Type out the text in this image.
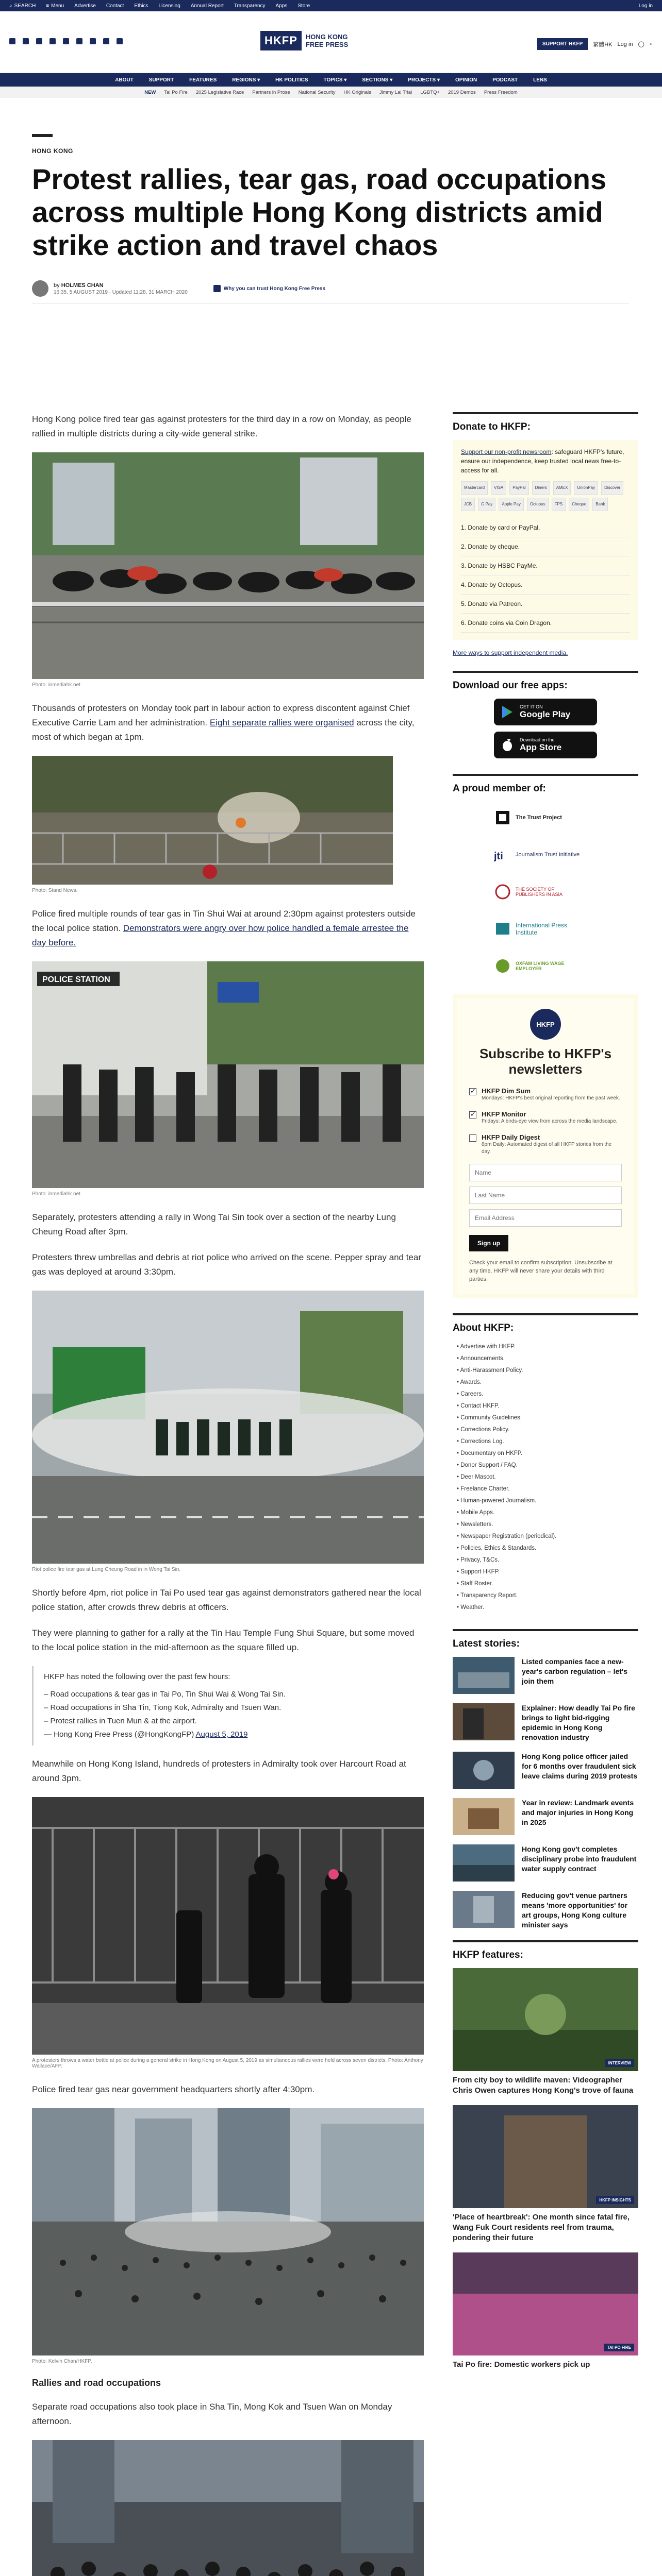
⌕ SEARCH ≡ Menu Advertise Contact Ethics Licensing Annual Report Transparency Apps Store	Log in
HKFP	HONG KONG FREE PRESS	SUPPORT HKFP	繁體HK Log in ◯ ⌕
ABOUT	SUPPORT	FEATURES	REGIONS ▾	HK POLITICS	TOPICS ▾	SECTIONS ▾	PROJECTS ▾	OPINION	PODCAST	LENS
NEW Tai Po Fire 2025 Legislative Race Partners in Prose National Security HK Originals Jimmy Lai Trial LGBTQ+ 2019 Demos Press Freedom
HONG KONG
Protest rallies, tear gas, road occupations across multiple Hong Kong districts amid strike action and travel chaos
by HOLMES CHAN
16:35, 5 AUGUST 2019 · Updated 11:28, 31 MARCH 2020
Why you can trust Hong Kong Free Press

Hong Kong police fired tear gas against protesters for the third day in a row on Monday, as people rallied in multiple districts during a city-wide general strike.

Photo: inmediahk.net.

Thousands of protesters on Monday took part in labour action to express discontent against Chief Executive Carrie Lam and her administration. Eight separate rallies were organised across the city, most of which began at 1pm.

Photo: Stand News.

Police fired multiple rounds of tear gas in Tin Shui Wai at around 2:30pm against protesters outside the local police station. Demonstrators were angry over how police handled a female arrestee the day before.

POLICE STATION
Photo: inmediahk.net.

Separately, protesters attending a rally in Wong Tai Sin took over a section of the nearby Lung Cheung Road after 3pm.

Protesters threw umbrellas and debris at riot police who arrived on the scene. Pepper spray and tear gas was deployed at around 3:30pm.

Riot police fire tear gas at Lung Cheung Road in in Wong Tai Sin.

Shortly before 4pm, riot police in Tai Po used tear gas against demonstrators gathered near the local police station, after crowds threw debris at officers.

They were planning to gather for a rally at the Tin Hau Temple Fung Shui Square, but some moved to the local police station in the mid-afternoon as the square filled up.

HKFP has noted the following over the past few hours:
– Road occupations & tear gas in Tai Po, Tin Shui Wai & Wong Tai Sin.
– Road occupations in Sha Tin, Tiong Kok, Admiralty and Tsuen Wan.
– Protest rallies in Tuen Mun & at the airport.
— Hong Kong Free Press (@HongKongFP) August 5, 2019

Meanwhile on Hong Kong Island, hundreds of protesters in Admiralty took over Harcourt Road at around 3pm.

A protesters throws a water bottle at police during a general strike in Hong Kong on August 5, 2019 as simultaneous rallies were held across seven districts. Photo: Anthony Wallace/AFP.

Police fired tear gas near government headquarters shortly after 4:30pm.

Photo: Kelvin Chan/HKFP.
Rallies and road occupations

Separate road occupations also took place in Sha Tin, Mong Kok and Tsuen Wan on Monday afternoon.

Donate to HKFP:

Support our non-profit newsroom: safeguard HKFP's future, ensure our independence, keep trusted local news free-to-access for all.

Mastercard	VISA	PayPal	Diners	AMEX	UnionPay	Discover
JCB	G Pay	Apple Pay	Octopus	FPS	Cheque	Bank
1. Donate by card or PayPal.
2. Donate by cheque.
3. Donate by HSBC PayMe.
4. Donate by Octopus.
5. Donate via Patreon.
6. Donate coins via Coin Dragon.
More ways to support independent media.
Download our free apps:
GET IT ON
Google Play
Download on the
App Store
A proud member of:
The Trust Project
jti Journalism Trust Initiative
THE SOCIETY OF PUBLISHERS IN ASIA
International Press Institute
OXFAM LIVING WAGE EMPLOYER
HKFP
Subscribe to HKFP's newsletters
✓
HKFP Dim Sum
Mondays: HKFP's best original reporting from the past week.
✓
HKFP Monitor
Fridays: A birds-eye view from across the media landscape.
HKFP Daily Digest
8pm Daily: Automated digest of all HKFP stories from the day.
Name Last Name Email Address Sign up
Check your email to confirm subscription. Unsubscribe at any time. HKFP will never share your details with third parties.
About HKFP:
• Advertise with HKFP.
• Announcements.
• Anti-Harassment Policy.
• Awards.
• Careers.
• Contact HKFP.
• Community Guidelines.
• Corrections Policy.
• Corrections Log.
• Documentary on HKFP.
• Donor Support / FAQ.
• Deer Mascot.
• Freelance Charter.
• Human-powered Journalism.
• Mobile Apps.
• Newsletters.
• Newspaper Registration (periodical).
• Policies, Ethics & Standards.
• Privacy, T&Cs.
• Support HKFP.
• Staff Roster.
• Transparency Report.
• Weather.
Latest stories:
Listed companies face a new-year's carbon regulation – let's join them
Explainer: How deadly Tai Po fire brings to light bid-rigging epidemic in Hong Kong renovation industry
Hong Kong police officer jailed for 6 months over fraudulent sick leave claims during 2019 protests
Year in review: Landmark events and major injuries in Hong Kong in 2025
Hong Kong gov't completes disciplinary probe into fraudulent water supply contract
Reducing gov't venue partners means 'more opportunities' for art groups, Hong Kong culture minister says
HKFP features:
INTERVIEW
From city boy to wildlife maven: Videographer Chris Owen captures Hong Kong's trove of fauna
HKFP INSIGHTS
'Place of heartbreak': One month since fatal fire, Wang Fuk Court residents reel from trauma, pondering their future
TAI PO FIRE
Tai Po fire: Domestic workers pick up
